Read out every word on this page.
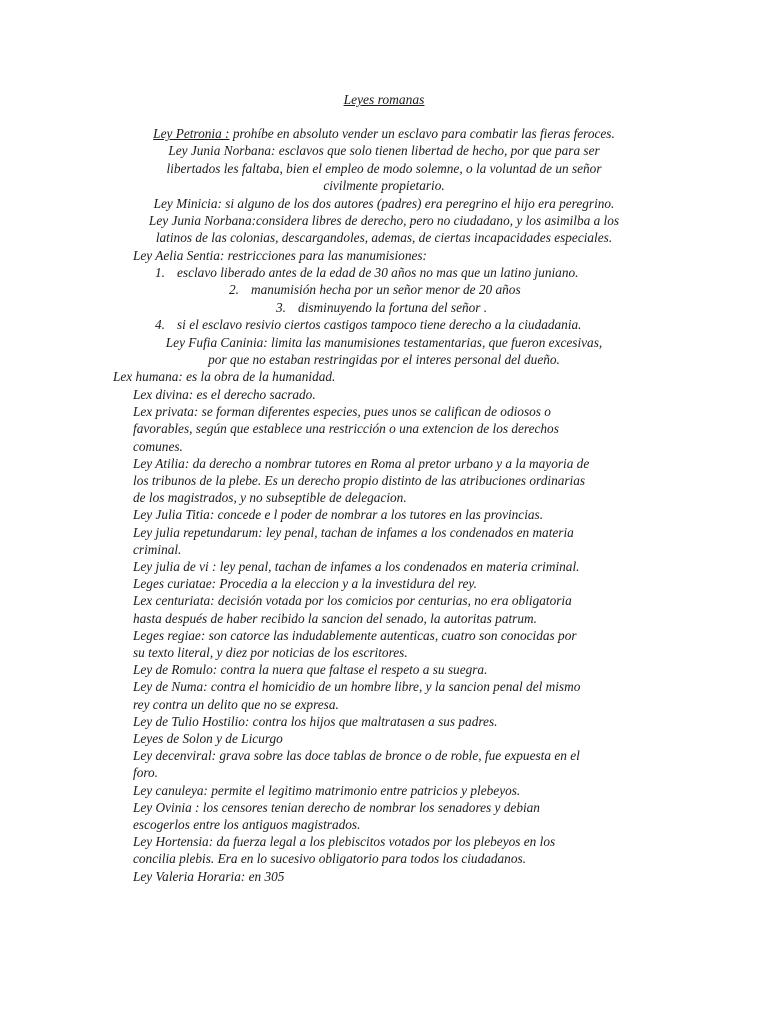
Leyes romanas
Ley Petronia : prohíbe en absoluto vender un esclavo para combatir las fieras feroces.
Ley Junia Norbana: esclavos que solo tienen libertad de hecho, por que para ser
libertados les faltaba, bien el empleo de modo solemne, o la voluntad de un señor
civilmente propietario.
Ley Minicia: si alguno de los dos autores (padres) era peregrino el hijo era peregrino.
Ley Junia Norbana:considera libres de derecho, pero no ciudadano, y los asimilba a los
latinos de las colonias, descargandoles, ademas, de ciertas incapacidades especiales.
Ley Aelia Sentia: restricciones para las manumisiones:
1. esclavo liberado antes de la edad de 30 años no mas que un latino juniano.
2. manumisión hecha por un señor menor de 20 años
3. disminuyendo la fortuna del señor .
4. si el esclavo resivio ciertos castigos tampoco tiene derecho a la ciudadania.
Ley Fufia Caninia: limita las manumisiones testamentarias, que fueron excesivas,
por que no estaban restringidas por el interes personal del dueño.
Lex humana: es la obra de la humanidad.
Lex divina: es el derecho sacrado.
Lex privata: se forman diferentes especies, pues unos se califican de odiosos o
favorables, según que establece una restricción o una extencion de los derechos
comunes.
Ley Atilia: da derecho a nombrar tutores en Roma al pretor urbano y a la mayoria de
los tribunos de la plebe. Es un derecho propio distinto de las atribuciones ordinarias
de los magistrados, y no subseptible de delegacion.
Ley Julia Titia: concede e l poder de nombrar a los tutores en las provincias.
Ley julia repetundarum: ley penal, tachan de infames a los condenados en materia
criminal.
Ley julia de vi : ley penal, tachan de infames a los condenados en materia criminal.
Leges curiatae: Procedia a la eleccion y a la investidura del rey.
Lex centuriata: decisión votada por los comicios por centurias, no era obligatoria
hasta después de haber recibido la sancion del senado, la autoritas patrum.
Leges regiae: son catorce las indudablemente autenticas, cuatro son conocidas por
su texto literal, y diez por noticias de los escritores.
Ley de Romulo: contra la nuera que faltase el respeto a su suegra.
Ley de Numa: contra el homicidio de un hombre libre, y la sancion penal del mismo
rey contra un delito que no se expresa.
Ley de Tulio Hostilio: contra los hijos que maltratasen a sus padres.
Leyes de Solon y de Licurgo
Ley decenviral: grava sobre las doce tablas de bronce o de roble, fue expuesta en el
foro.
Ley canuleya: permite el legitimo matrimonio entre patricios y plebeyos.
Ley Ovinia : los censores tenian derecho de nombrar los senadores y debian
escogerlos entre los antiguos magistrados.
Ley Hortensia: da fuerza legal a los plebiscitos votados por los plebeyos en los
concilia plebis. Era en lo sucesivo obligatorio para todos los ciudadanos.
Ley Valeria Horaria: en 305
